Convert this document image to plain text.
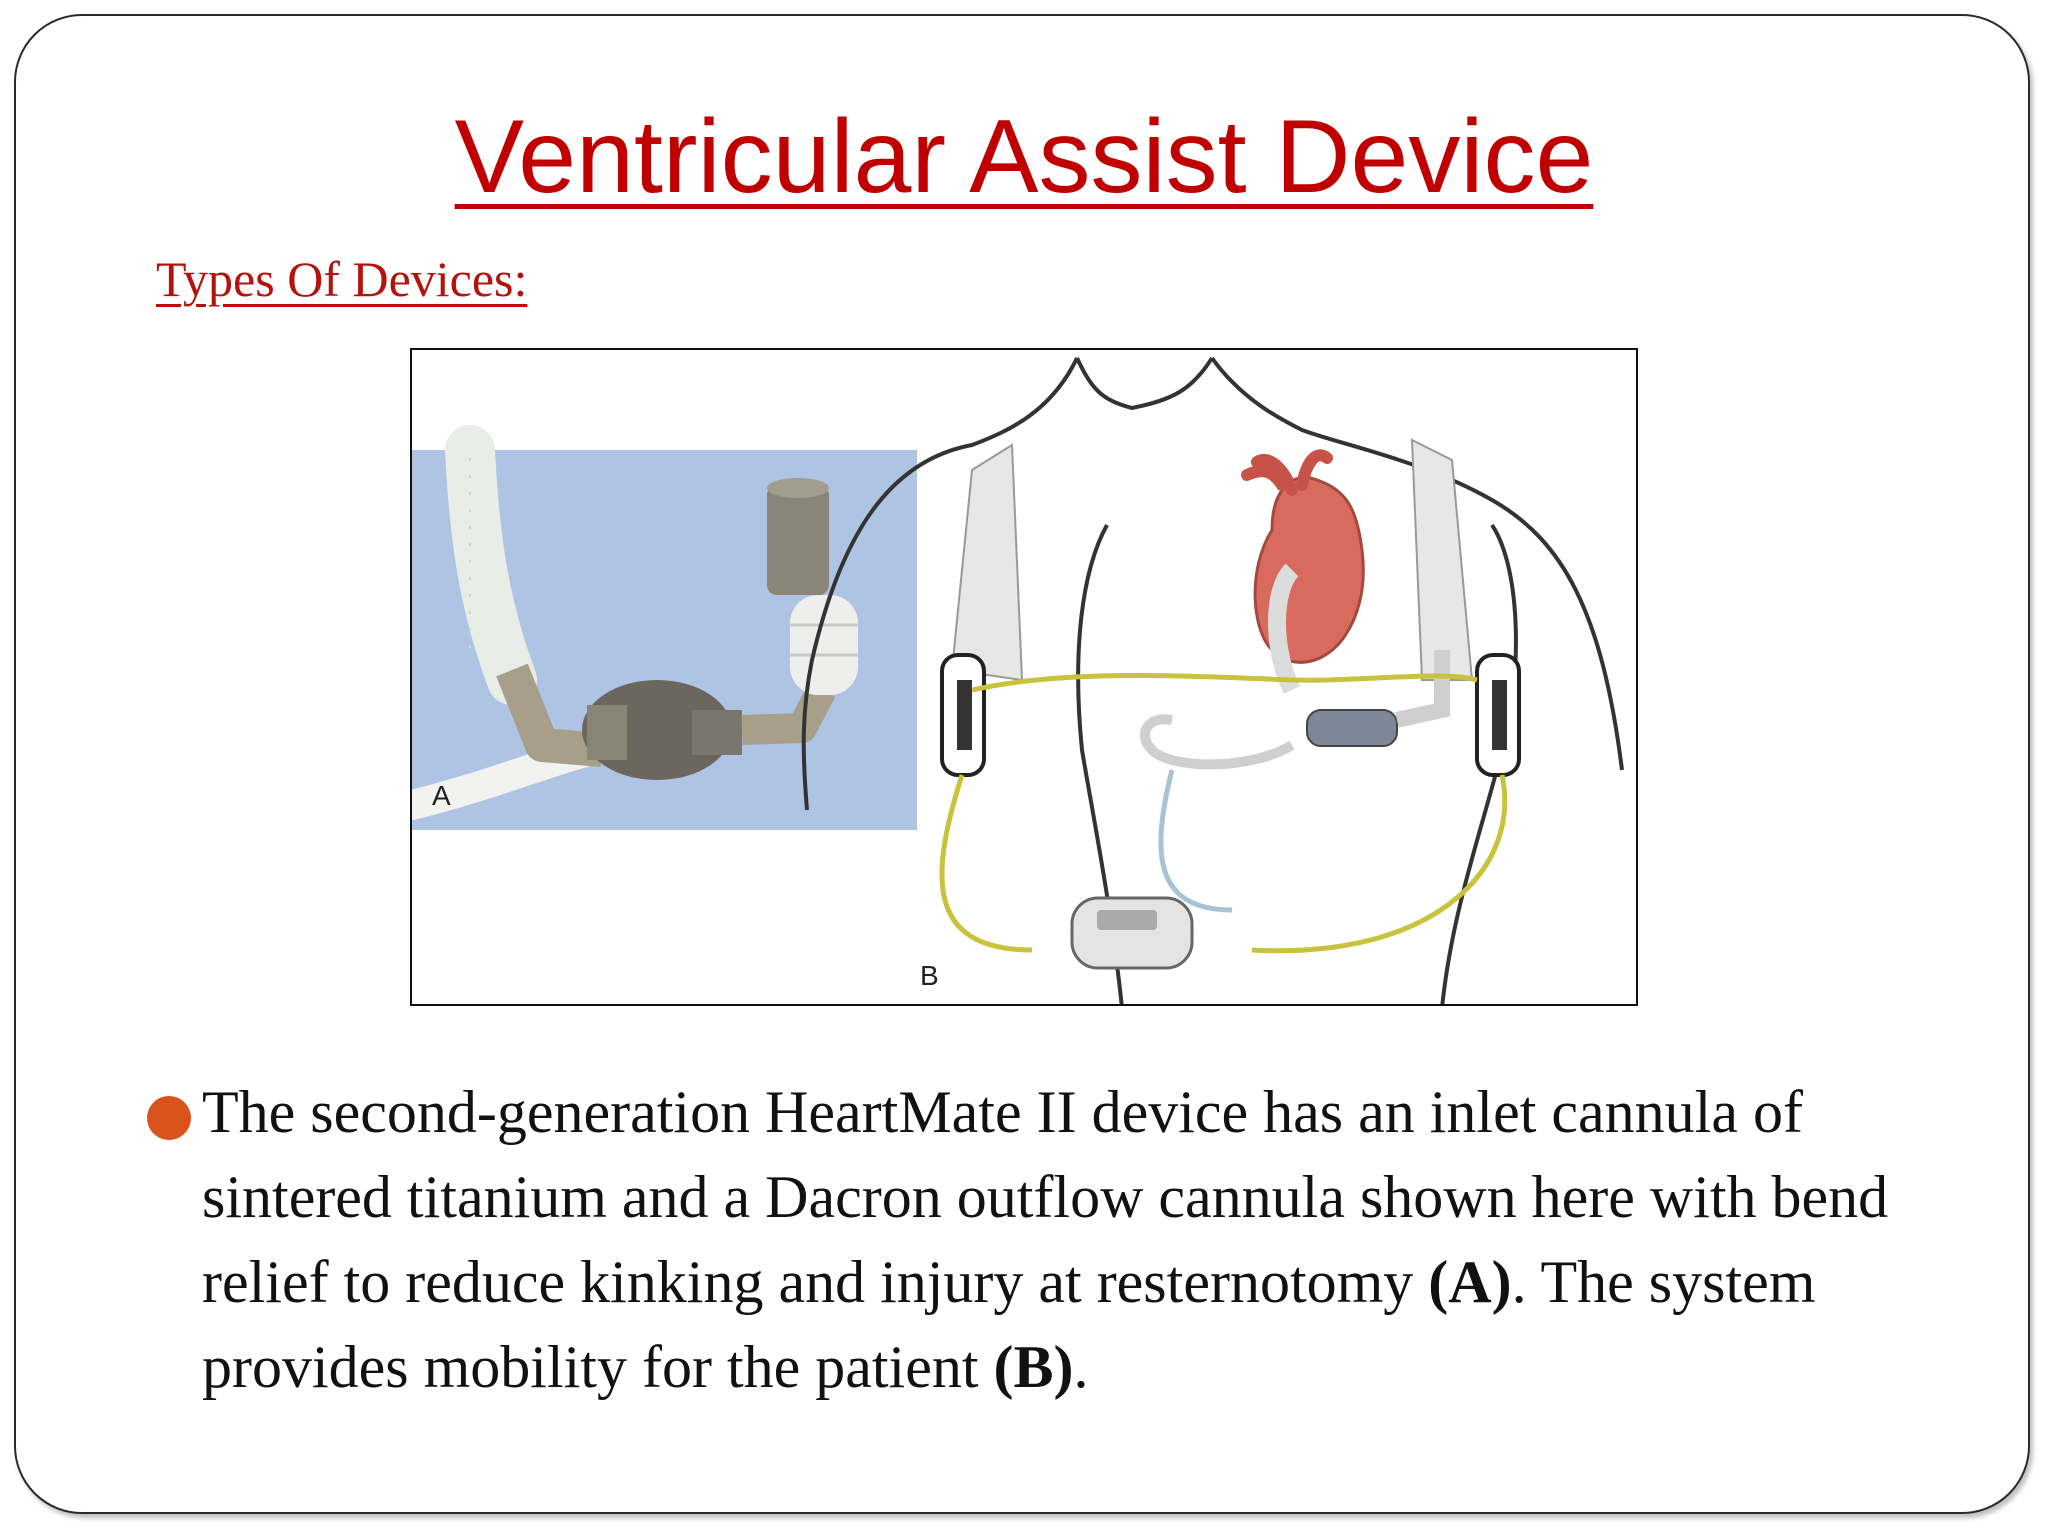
Ventricular Assist Device
Types Of Devices:
A
B
The second-generation HeartMate II device has an inlet cannula of sintered titanium and a Dacron outflow cannula shown here with bend relief to reduce kinking and injury at resternotomy (A). The system provides mobility for the patient (B).
